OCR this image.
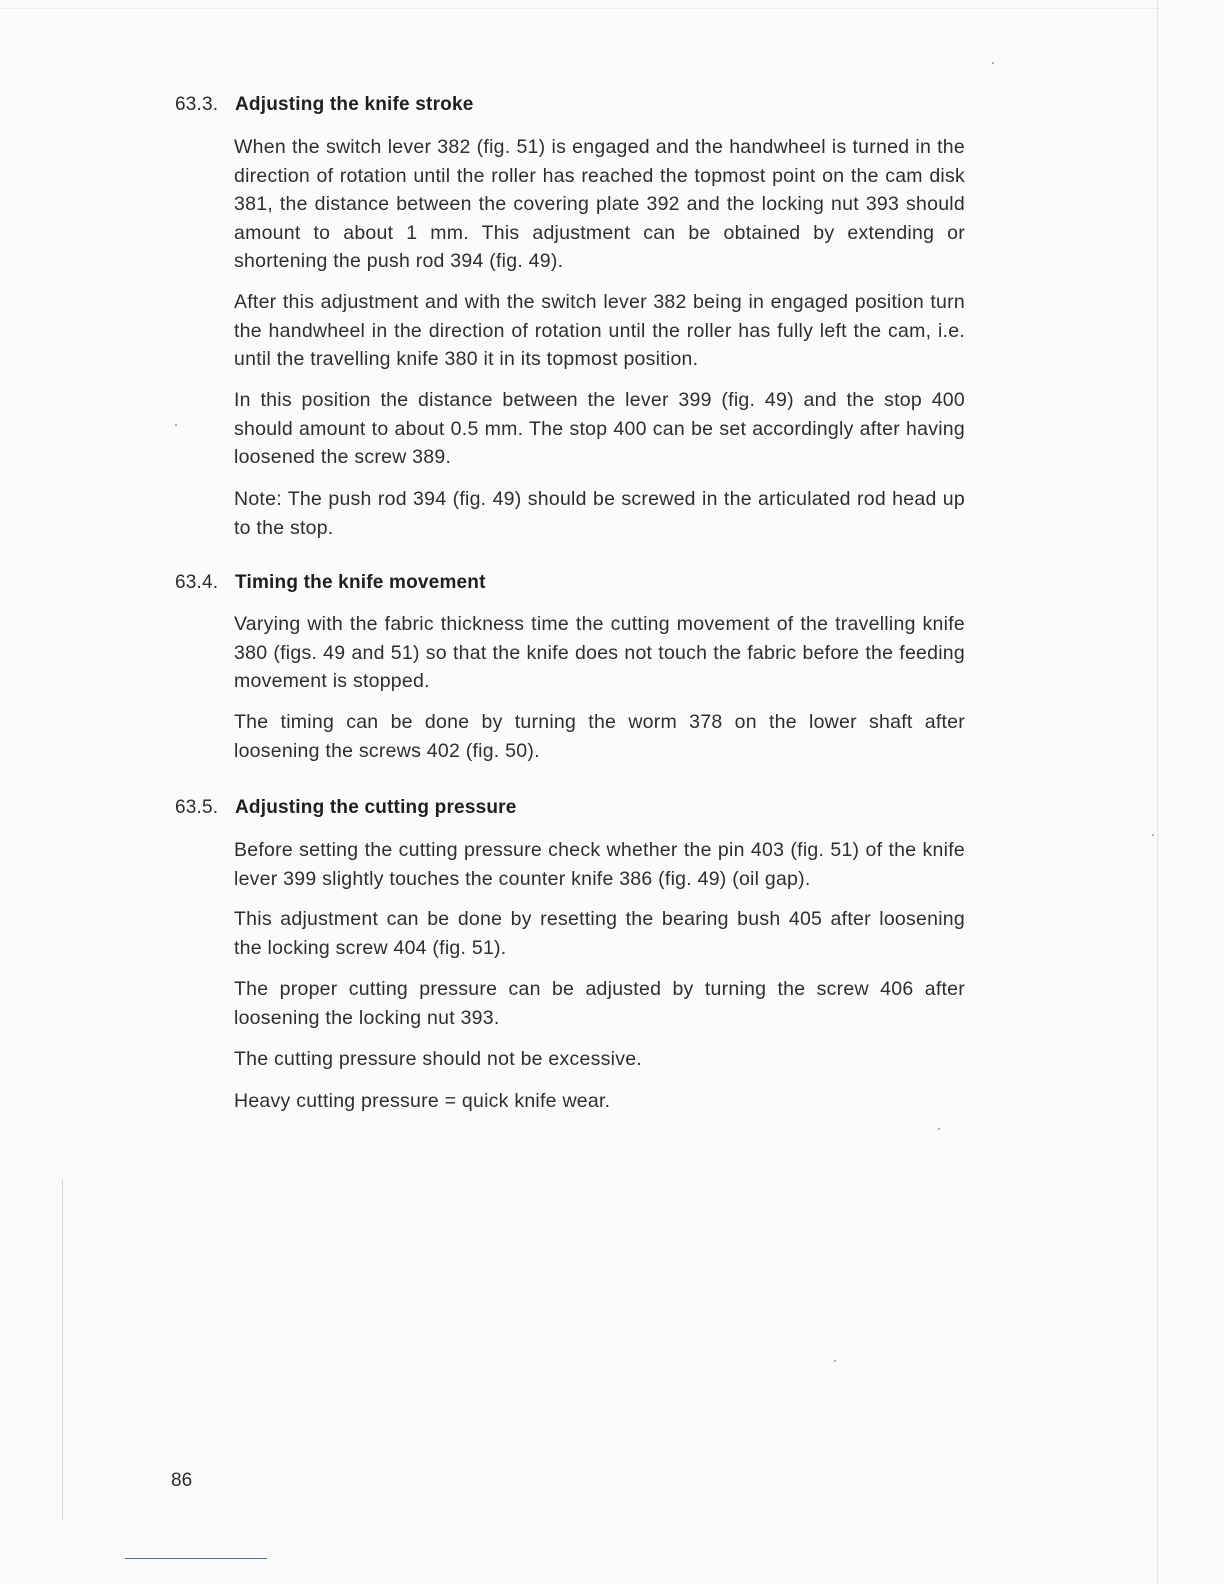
63.3. Adjusting the knife stroke

When the switch lever 382 (fig. 51) is engaged and the handwheel is turned in the direction of rotation until the roller has reached the topmost point on the cam disk 381, the distance between the covering plate 392 and the locking nut 393 should amount to about 1 mm. This adjustment can be obtained by extending or shortening the push rod 394 (fig. 49).

After this adjustment and with the switch lever 382 being in engaged position turn the handwheel in the direction of rotation until the roller has fully left the cam, i.e. until the travelling knife 380 it in its topmost position.

In this position the distance between the lever 399 (fig. 49) and the stop 400 should amount to about 0.5 mm. The stop 400 can be set accordingly after having loosened the screw 389.

Note: The push rod 394 (fig. 49) should be screwed in the articulated rod head up to the stop.

63.4. Timing the knife movement

Varying with the fabric thickness time the cutting movement of the travelling knife 380 (figs. 49 and 51) so that the knife does not touch the fabric before the feeding movement is stopped.

The timing can be done by turning the worm 378 on the lower shaft after loosening the screws 402 (fig. 50).

63.5. Adjusting the cutting pressure

Before setting the cutting pressure check whether the pin 403 (fig. 51) of the knife lever 399 slightly touches the counter knife 386 (fig. 49) (oil gap).

This adjustment can be done by resetting the bearing bush 405 after loosening the locking screw 404 (fig. 51).

The proper cutting pressure can be adjusted by turning the screw 406 after loosening the locking nut 393.

The cutting pressure should not be excessive.

Heavy cutting pressure = quick knife wear.

86
